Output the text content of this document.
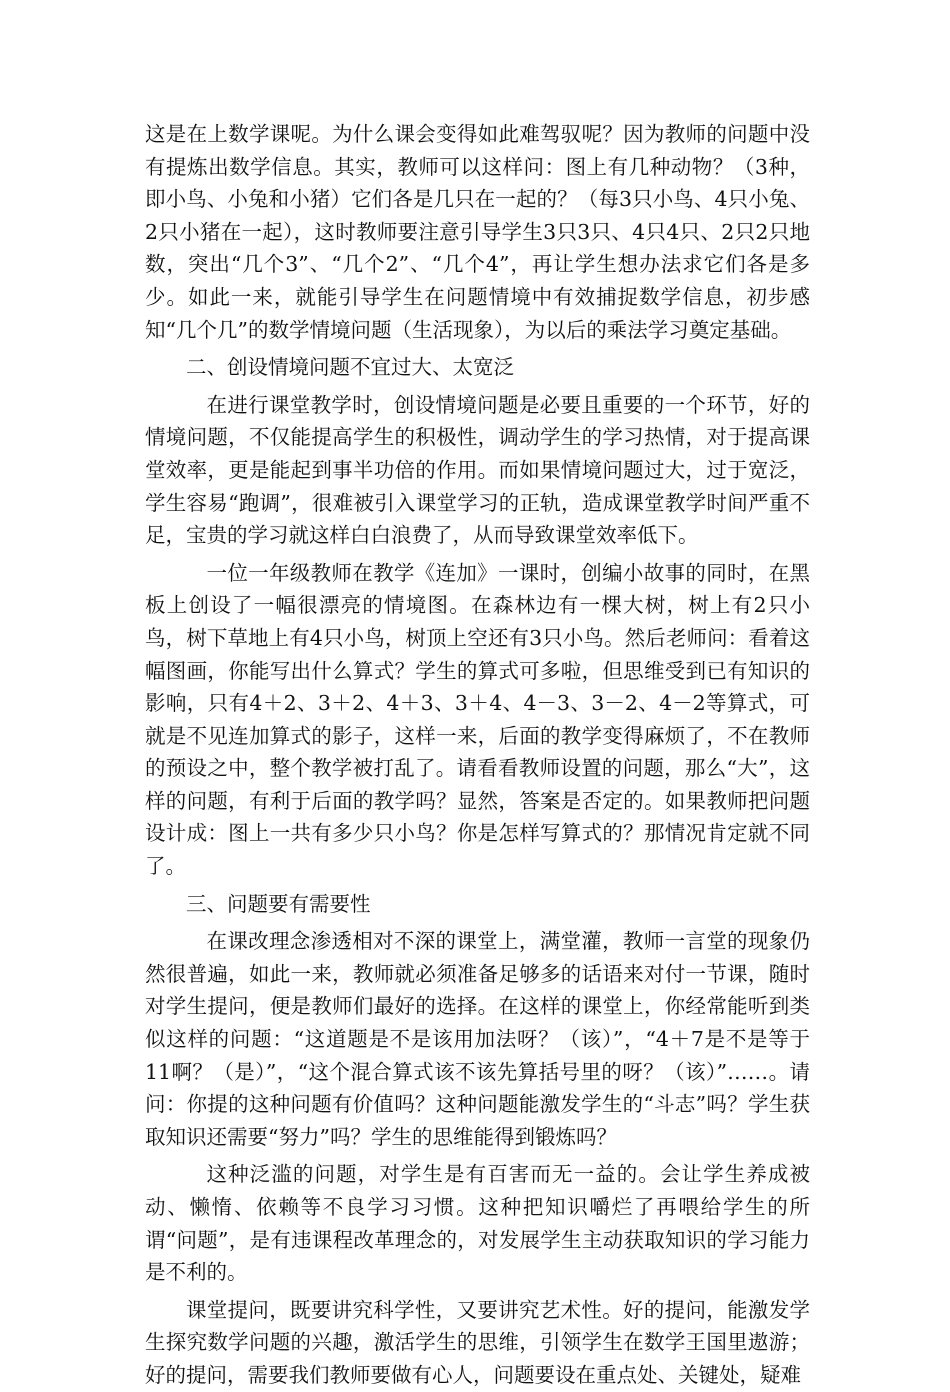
这是在上数学课呢。为什么课会变得如此难驾驭呢？因为教师的问题中没有提炼出数学信息。其实，教师可以这样问：图上有几种动物？（3种，即小鸟、小兔和小猪）它们各是几只在一起的？（每3只小鸟、4只小兔、2只小猪在一起），这时教师要注意引导学生3只3只、4只4只、2只2只地数，突出“几个3”、“几个2”、“几个4”，再让学生想办法求它们各是多少。如此一来，就能引导学生在问题情境中有效捕捉数学信息，初步感知“几个几”的数学情境问题（生活现象），为以后的乘法学习奠定基础。

二、创设情境问题不宜过大、太宽泛

在进行课堂教学时，创设情境问题是必要且重要的一个环节，好的情境问题，不仅能提高学生的积极性，调动学生的学习热情，对于提高课堂效率，更是能起到事半功倍的作用。而如果情境问题过大，过于宽泛，学生容易“跑调”，很难被引入课堂学习的正轨，造成课堂教学时间严重不足，宝贵的学习就这样白白浪费了，从而导致课堂效率低下。

一位一年级教师在教学《连加》一课时，创编小故事的同时，在黑板上创设了一幅很漂亮的情境图。在森林边有一棵大树，树上有2只小鸟，树下草地上有4只小鸟，树顶上空还有3只小鸟。然后老师问：看着这幅图画，你能写出什么算式？学生的算式可多啦，但思维受到已有知识的影响，只有4＋2、3＋2、4＋3、3＋4、4－3、3－2、4－2等算式，可就是不见连加算式的影子，这样一来，后面的教学变得麻烦了，不在教师的预设之中，整个教学被打乱了。请看看教师设置的问题，那么“大”，这样的问题，有利于后面的教学吗？显然，答案是否定的。如果教师把问题设计成：图上一共有多少只小鸟？你是怎样写算式的？那情况肯定就不同了。

三、问题要有需要性

在课改理念渗透相对不深的课堂上，满堂灌，教师一言堂的现象仍然很普遍，如此一来，教师就必须准备足够多的话语来对付一节课，随时对学生提问，便是教师们最好的选择。在这样的课堂上，你经常能听到类似这样的问题：“这道题是不是该用加法呀？（该）”，“4＋7是不是等于11啊？（是）”，“这个混合算式该不该先算括号里的呀？（该）”……。请问：你提的这种问题有价值吗？这种问题能激发学生的“斗志”吗？学生获取知识还需要“努力”吗？学生的思维能得到锻炼吗？

这种泛滥的问题，对学生是有百害而无一益的。会让学生养成被动、懒惰、依赖等不良学习习惯。这种把知识嚼烂了再喂给学生的所谓“问题”，是有违课程改革理念的，对发展学生主动获取知识的学习能力是不利的。

课堂提问，既要讲究科学性，又要讲究艺术性。好的提问，能激发学生探究数学问题的兴趣，激活学生的思维，引领学生在数学王国里遨游；好的提问，需要我们教师要做有心人，问题要设在重点处、关键处，疑难
